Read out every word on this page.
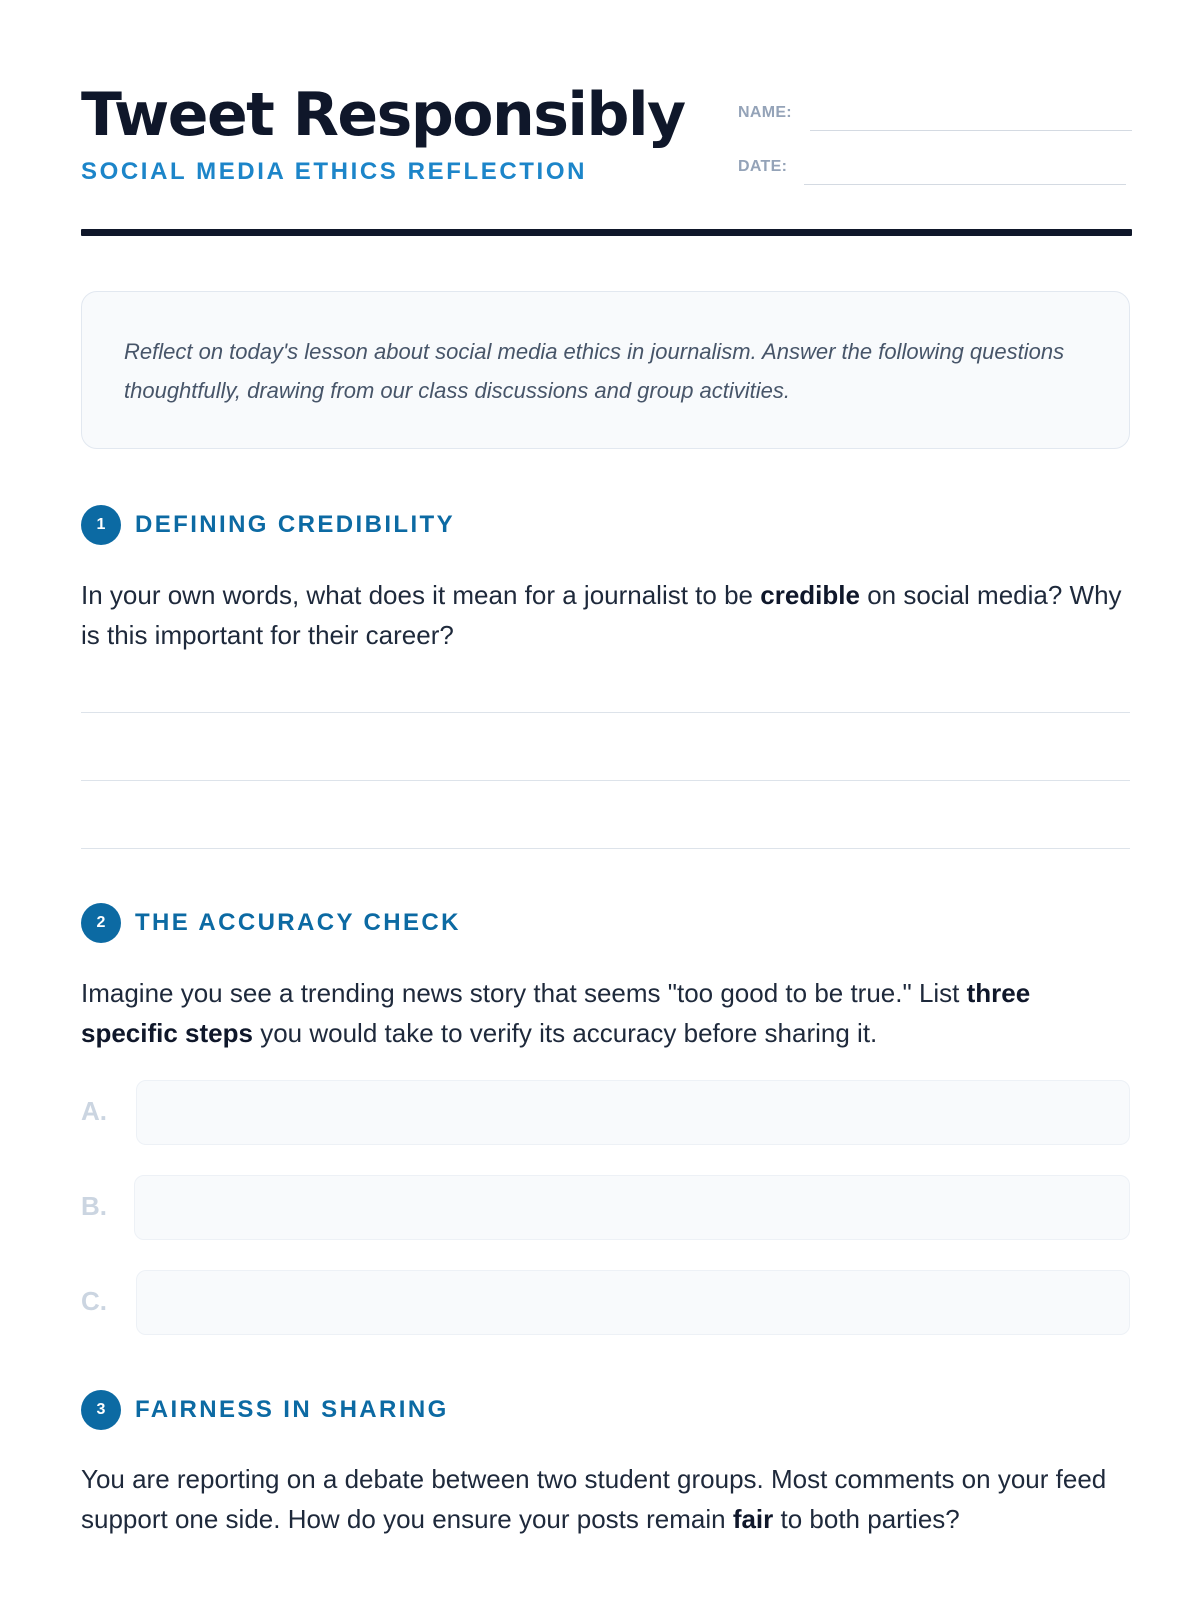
Tweet Responsibly
SOCIAL MEDIA ETHICS REFLECTION
NAME:
DATE:
Reflect on today's lesson about social media ethics in journalism. Answer the following questions thoughtfully, drawing from our class discussions and group activities.
1	DEFINING CREDIBILITY
In your own words, what does it mean for a journalist to be credible on social media? Why is this important for their career?
2	THE ACCURACY CHECK
Imagine you see a trending news story that seems "too good to be true." List three specific steps you would take to verify its accuracy before sharing it.
A.
B.
C.
3	FAIRNESS IN SHARING
You are reporting on a debate between two student groups. Most comments on your feed support one side. How do you ensure your posts remain fair to both parties?
